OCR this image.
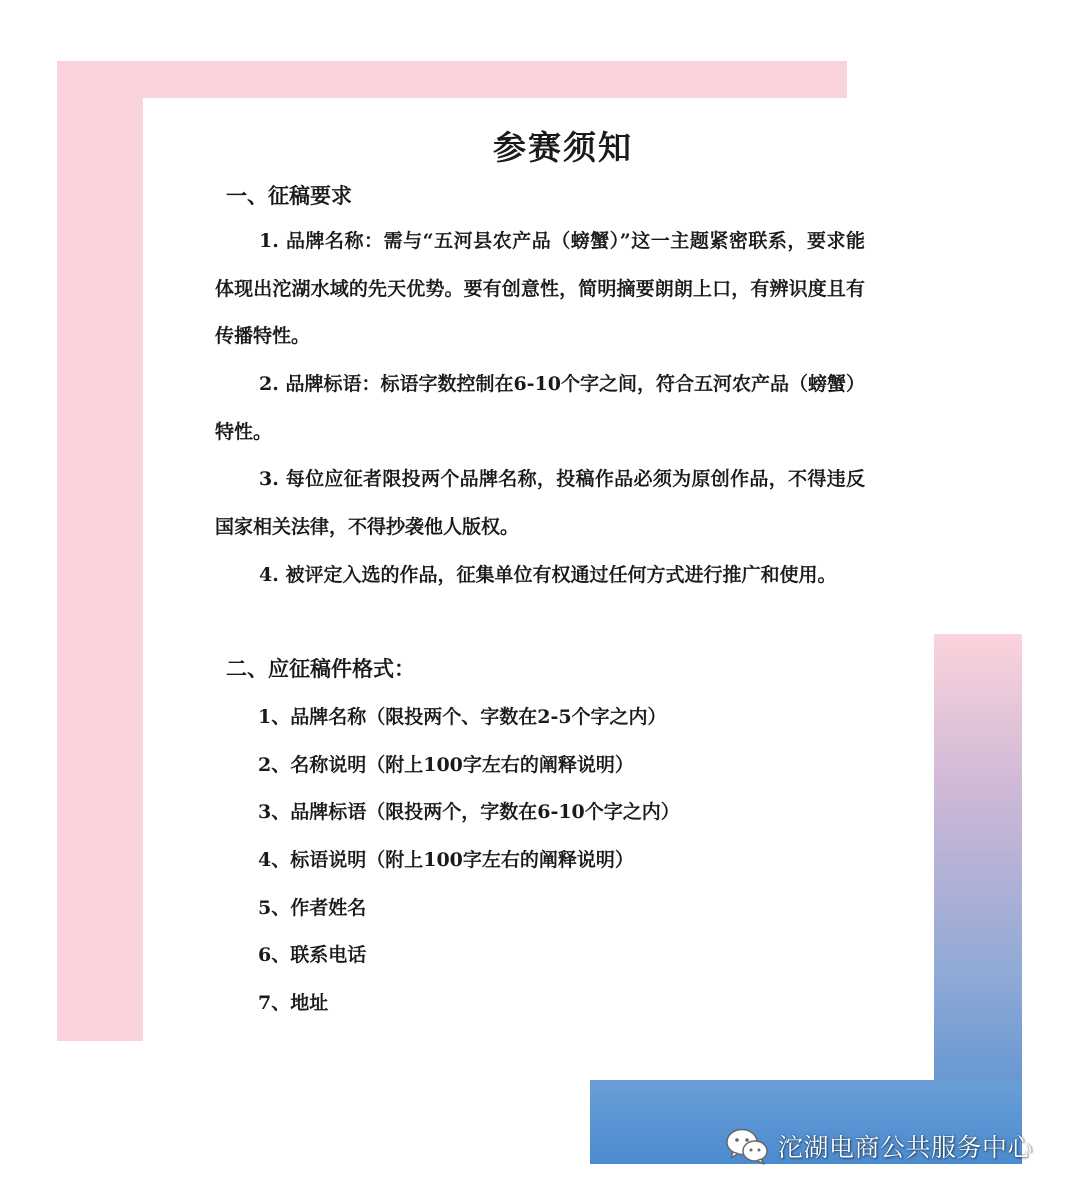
参赛须知
一、征稿要求

1. 品牌名称：需与“五河县农产品（螃蟹）”这一主题紧密联系，要求能体现出沱湖水域的先天优势。要有创意性，简明摘要朗朗上口，有辨识度且有传播特性。

2. 品牌标语：标语字数控制在6-10个字之间，符合五河农产品（螃蟹）特性。

3. 每位应征者限投两个品牌名称，投稿作品必须为原创作品，不得违反国家相关法律，不得抄袭他人版权。

4. 被评定入选的作品，征集单位有权通过任何方式进行推广和使用。

二、应征稿件格式：
1、品牌名称（限投两个、字数在2-5个字之内）
2、名称说明（附上100字左右的阐释说明）
3、品牌标语（限投两个，字数在6-10个字之内）
4、标语说明（附上100字左右的阐释说明）
5、作者姓名
6、联系电话
7、地址
沱湖电商公共服务中心
